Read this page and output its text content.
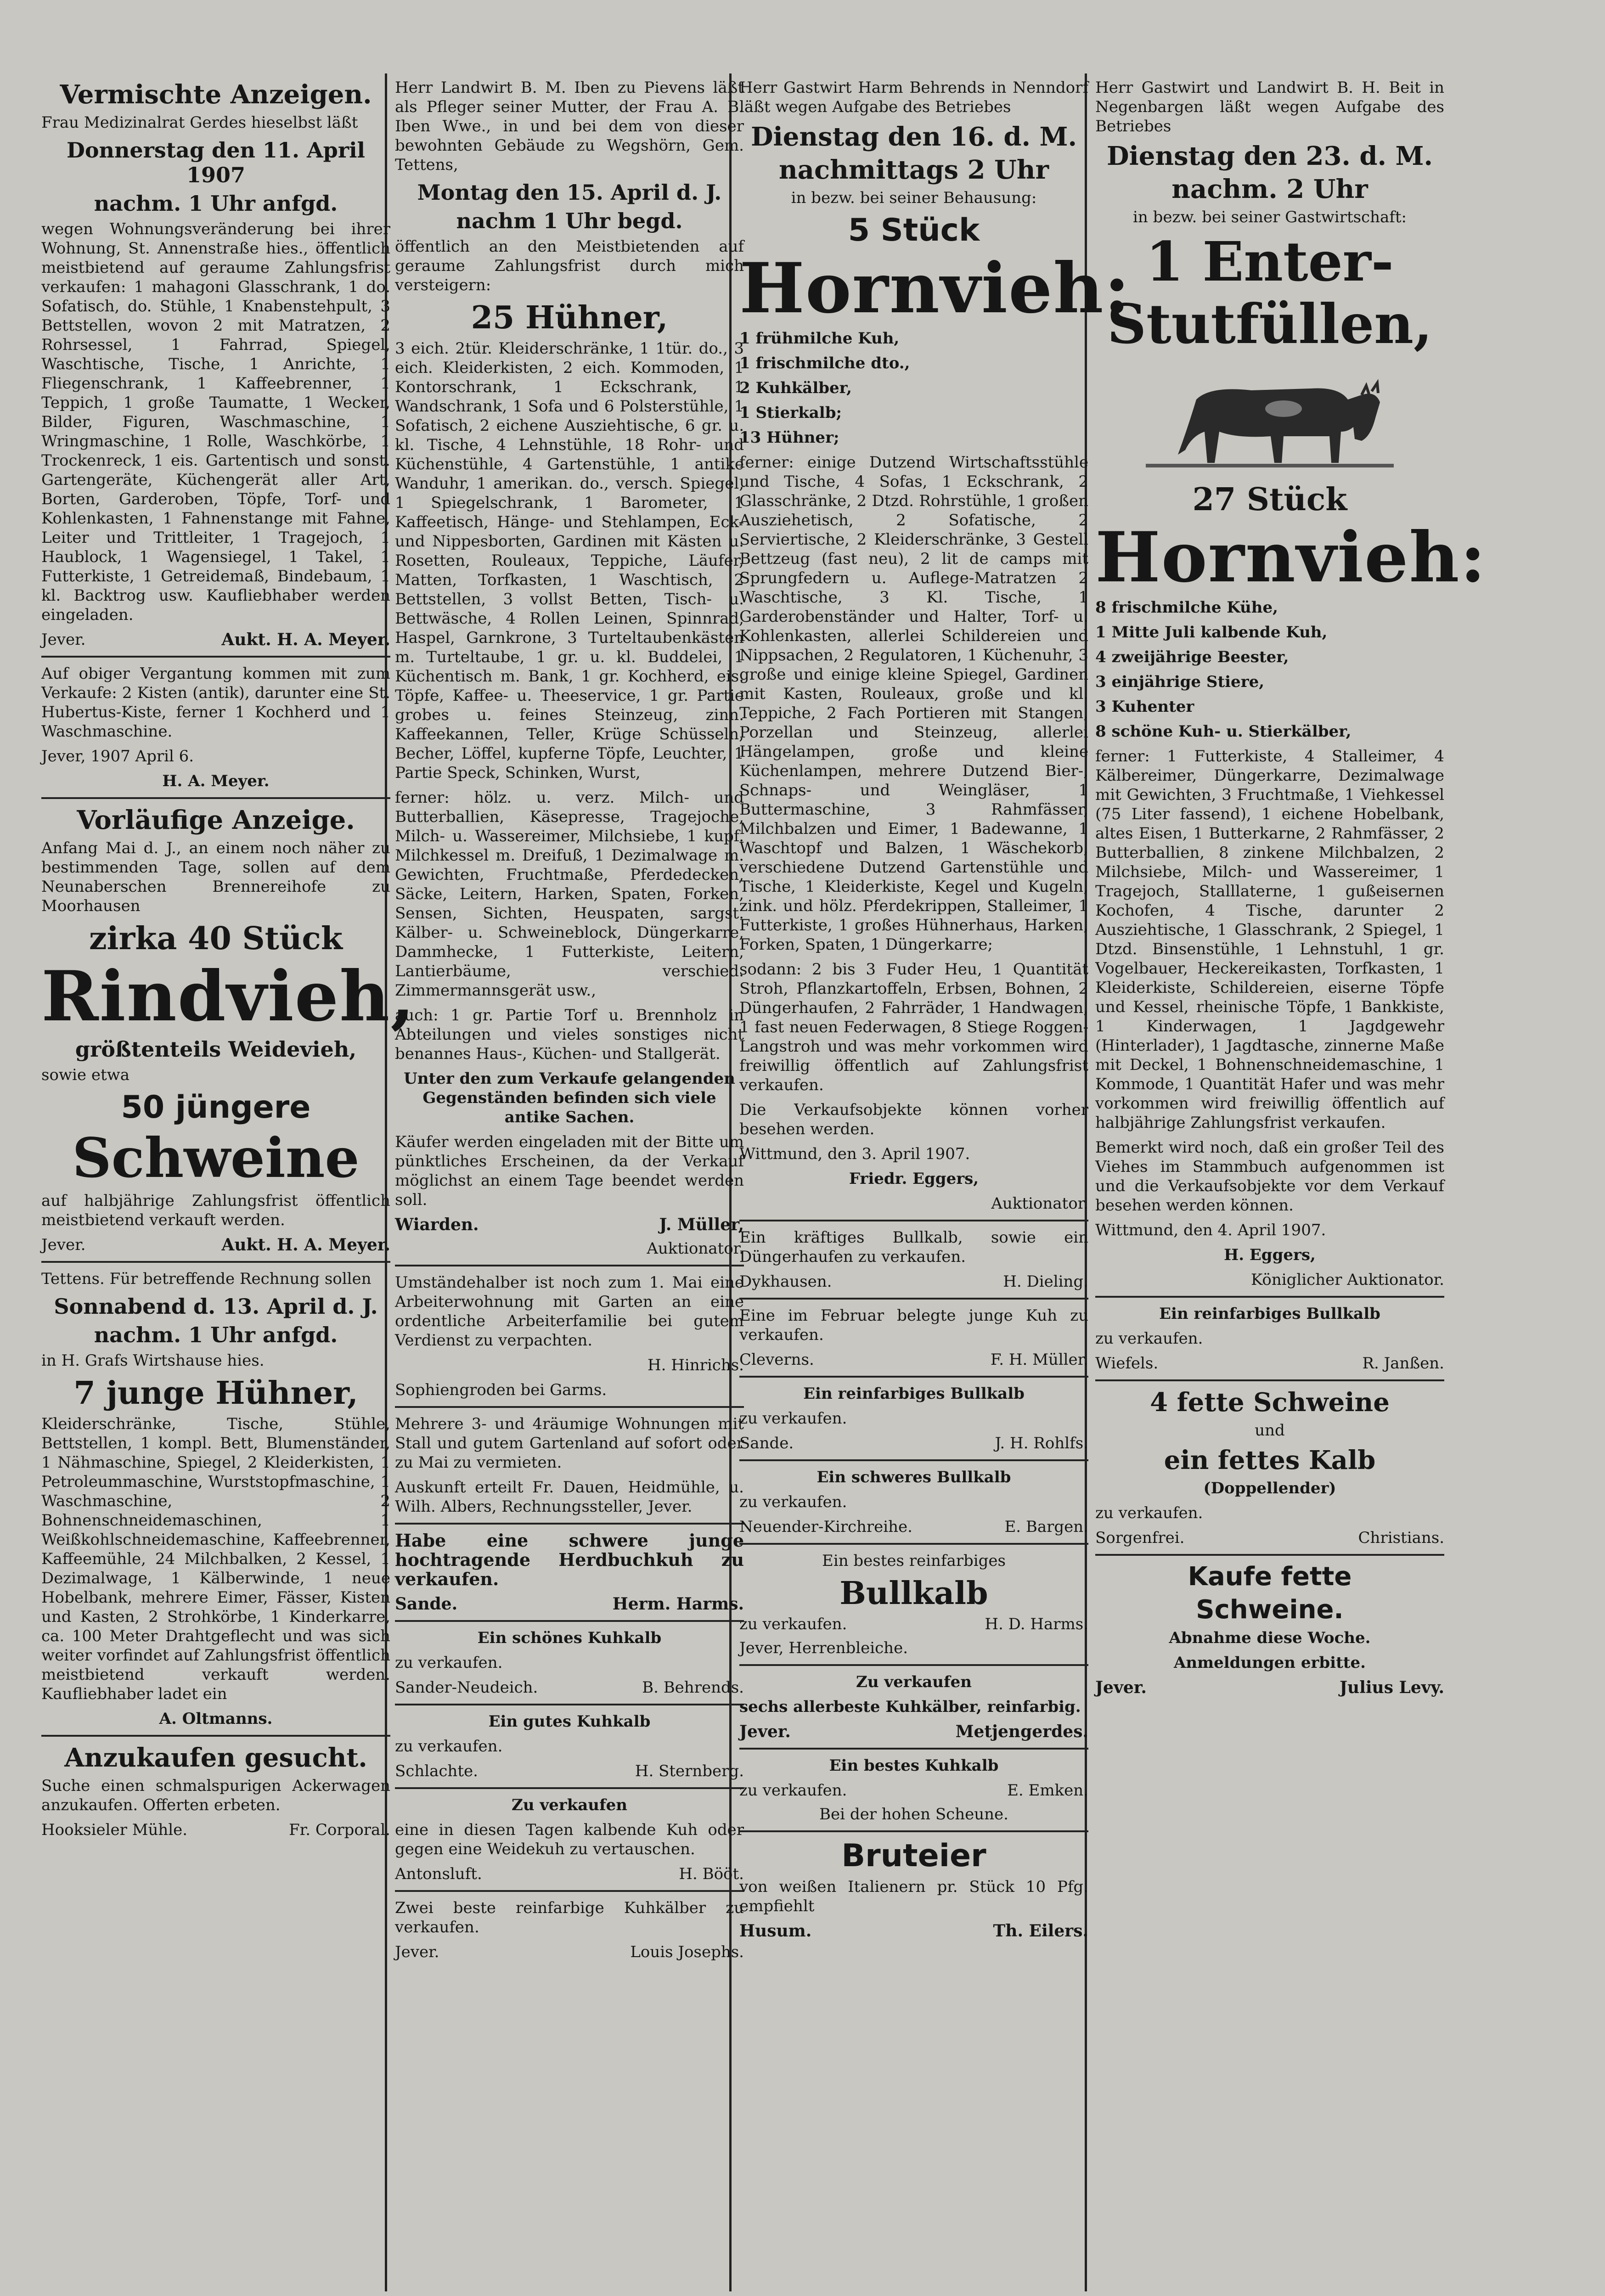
Vermischte Anzeigen.

Frau Medizinalrat Gerdes hieselbst läßt

Donnerstag den 11. April 1907
nachm. 1 Uhr anfgd.

wegen Wohnungsveränderung bei ihrer Wohnung, St. Annenstraße hies., öffentlich meistbietend auf geraume Zahlungsfrist verkaufen: 1 mahagoni Glasschrank, 1 do. Sofatisch, do. Stühle, 1 Knabenstehpult, 3 Bettstellen, wovon 2 mit Matratzen, 2 Rohrsessel, 1 Fahrrad, Spiegel, Waschtische, Tische, 1 Anrichte, 1 Fliegenschrank, 1 Kaffeebrenner, 1 Teppich, 1 große Taumatte, 1 Wecker, Bilder, Figuren, Waschmaschine, 1 Wringmaschine, 1 Rolle, Waschkörbe, 1 Trockenreck, 1 eis. Gartentisch und sonst. Gartengeräte, Küchengerät aller Art, Borten, Garderoben, Töpfe, Torf- und Kohlenkasten, 1 Fahnenstange mit Fahne, Leiter und Trittleiter, 1 Tragejoch, 1 Haublock, 1 Wagensiegel, 1 Takel, 1 Futterkiste, 1 Getreidemaß, Bindebaum, 1 kl. Backtrog usw. Kaufliebhaber werden eingeladen.

Jever.	Aukt. H. A. Meyer.

Auf obiger Vergantung kommen mit zum Verkaufe: 2 Kisten (antik), darunter eine St. Hubertus-Kiste, ferner 1 Kochherd und 1 Waschmaschine.

Jever, 1907 April 6.

H. A. Meyer.

Vorläufige Anzeige.

Anfang Mai d. J., an einem noch näher zu bestimmenden Tage, sollen auf dem Neunaberschen Brennereihofe zu Moorhausen

zirka 40 Stück
Rindvieh,
größtenteils Weidevieh,

sowie etwa

50 jüngere
Schweine

auf halbjährige Zahlungsfrist öffentlich meistbietend verkauft werden.

Jever.	Aukt. H. A. Meyer.

Tettens. Für betreffende Rechnung sollen

Sonnabend d. 13. April d. J.
nachm. 1 Uhr anfgd.

in H. Grafs Wirtshause hies.

7 junge Hühner,

Kleiderschränke, Tische, Stühle, Bettstellen, 1 kompl. Bett, Blumenständer, 1 Nähmaschine, Spiegel, 2 Kleiderkisten, 1 Petroleummaschine, Wurststopfmaschine, 1 Waschmaschine, 2 Bohnenschneidemaschinen, 1 Weißkohlschneidemaschine, Kaffeebrenner, Kaffeemühle, 24 Milchbalken, 2 Kessel, 1 Dezimalwage, 1 Kälberwinde, 1 neue Hobelbank, mehrere Eimer, Fässer, Kisten und Kasten, 2 Strohkörbe, 1 Kinderkarre, ca. 100 Meter Drahtgeflecht und was sich weiter vorfindet auf Zahlungsfrist öffentlich meistbietend verkauft werden. Kaufliebhaber ladet ein

A. Oltmanns.

Anzukaufen gesucht.

Suche einen schmalspurigen Ackerwagen anzukaufen. Offerten erbeten.

Hooksieler Mühle.	Fr. Corporal.

Herr Landwirt B. M. Iben zu Pievens läßt als Pfleger seiner Mutter, der Frau A. B. Iben Wwe., in und bei dem von dieser bewohnten Gebäude zu Wegshörn, Gem. Tettens,

Montag den 15. April d. J.
nachm 1 Uhr begd.

öffentlich an den Meistbietenden auf geraume Zahlungsfrist durch mich versteigern:

25 Hühner,

3 eich. 2tür. Kleiderschränke, 1 1tür. do., 3 eich. Kleiderkisten, 2 eich. Kommoden, 1 Kontorschrank, 1 Eckschrank, 1 Wandschrank, 1 Sofa und 6 Polsterstühle, 1 Sofatisch, 2 eichene Ausziehtische, 6 gr. u. kl. Tische, 4 Lehnstühle, 18 Rohr- und Küchenstühle, 4 Gartenstühle, 1 antike Wanduhr, 1 amerikan. do., versch. Spiegel, 1 Spiegelschrank, 1 Barometer, 1 Kaffeetisch, Hänge- und Stehlampen, Eck- und Nippesborten, Gardinen mit Kästen u. Rosetten, Rouleaux, Teppiche, Läufer, Matten, Torfkasten, 1 Waschtisch, 2 Bettstellen, 3 vollst Betten, Tisch- u. Bettwäsche, 4 Rollen Leinen, Spinnrad, Haspel, Garnkrone, 3 Turteltaubenkästen m. Turteltaube, 1 gr. u. kl. Buddelei, 1 Küchentisch m. Bank, 1 gr. Kochherd, eis. Töpfe, Kaffee- u. Theeservice, 1 gr. Partie grobes u. feines Steinzeug, zinn. Kaffeekannen, Teller, Krüge Schüsseln, Becher, Löffel, kupferne Töpfe, Leuchter, 1 Partie Speck, Schinken, Wurst,

ferner: hölz. u. verz. Milch- und Butterballien, Käsepresse, Tragejoche, Milch- u. Wassereimer, Milchsiebe, 1 kupf. Milchkessel m. Dreifuß, 1 Dezimalwage m. Gewichten, Fruchtmaße, Pferdedecken, Säcke, Leitern, Harken, Spaten, Forken, Sensen, Sichten, Heuspaten, sargst. Kälber- u. Schweineblock, Düngerkarre, Dammhecke, 1 Futterkiste, Leitern, Lantierbäume, verschied. Zimmermannsgerät usw.,

auch: 1 gr. Partie Torf u. Brennholz in Abteilungen und vieles sonstiges nicht benannes Haus-, Küchen- und Stallgerät.

Unter den zum Verkaufe gelangenden Gegenständen befinden sich viele antike Sachen.

Käufer werden eingeladen mit der Bitte um pünktliches Erscheinen, da der Verkauf möglichst an einem Tage beendet werden soll.

Wiarden.	J. Müller,

Auktionator.

Umständehalber ist noch zum 1. Mai eine Arbeiterwohnung mit Garten an eine ordentliche Arbeiterfamilie bei gutem Verdienst zu verpachten.

H. Hinrichs.

Sophiengroden bei Garms.

Mehrere 3- und 4räumige Wohnungen mit Stall und gutem Gartenland auf sofort oder zu Mai zu vermieten.

Auskunft erteilt Fr. Dauen, Heidmühle, u. Wilh. Albers, Rechnungssteller, Jever.

Habe eine schwere junge hochtragende Herdbuchkuh zu verkaufen.

Sande.	Herm. Harms.

Ein schönes Kuhkalb

zu verkaufen.

Sander-Neudeich.	B. Behrends.

Ein gutes Kuhkalb

zu verkaufen.

Schlachte.	H. Sternberg.

Zu verkaufen

eine in diesen Tagen kalbende Kuh oder gegen eine Weidekuh zu vertauschen.

Antonsluft.	H. Bööt.

Zwei beste reinfarbige Kuhkälber zu verkaufen.

Jever.	Louis Josephs.

Herr Gastwirt Harm Behrends in Nenndorf läßt wegen Aufgabe des Betriebes

Dienstag den 16. d. M.
nachmittags 2 Uhr

in bezw. bei seiner Behausung:

5 Stück
Hornvieh:

1 frühmilche Kuh,

1 frischmilche dto.,

2 Kuhkälber,

1 Stierkalb;

13 Hühner;

ferner: einige Dutzend Wirtschaftsstühle und Tische, 4 Sofas, 1 Eckschrank, 2 Glasschränke, 2 Dtzd. Rohrstühle, 1 großen Ausziehetisch, 2 Sofatische, 2 Serviertische, 2 Kleiderschränke, 3 Gestell Bettzeug (fast neu), 2 lit de camps mit Sprungfedern u. Auflege-Matratzen 2 Waschtische, 3 Kl. Tische, 1 Garderobenständer und Halter, Torf- u. Kohlenkasten, allerlei Schildereien und Nippsachen, 2 Regulatoren, 1 Küchenuhr, 3 große und einige kleine Spiegel, Gardinen mit Kasten, Rouleaux, große und kl. Teppiche, 2 Fach Portieren mit Stangen, Porzellan und Steinzeug, allerlei Hängelampen, große und kleine Küchenlampen, mehrere Dutzend Bier-, Schnaps- und Weingläser, 1 Buttermaschine, 3 Rahmfässer, Milchbalzen und Eimer, 1 Badewanne, 1 Waschtopf und Balzen, 1 Wäschekorb, verschiedene Dutzend Gartenstühle und Tische, 1 Kleiderkiste, Kegel und Kugeln, zink. und hölz. Pferdekrippen, Stalleimer, 1 Futterkiste, 1 großes Hühnerhaus, Harken, Forken, Spaten, 1 Düngerkarre;

sodann: 2 bis 3 Fuder Heu, 1 Quantität Stroh, Pflanzkartoffeln, Erbsen, Bohnen, 2 Düngerhaufen, 2 Fahrräder, 1 Handwagen, 1 fast neuen Federwagen, 8 Stiege Roggen-Langstroh und was mehr vorkommen wird freiwillig öffentlich auf Zahlungsfrist verkaufen.

Die Verkaufsobjekte können vorher besehen werden.

Wittmund, den 3. April 1907.

Friedr. Eggers,

Auktionator.

Ein kräftiges Bullkalb, sowie ein Düngerhaufen zu verkaufen.

Dykhausen.	H. Dieling.

Eine im Februar belegte junge Kuh zu verkaufen.

Cleverns.	F. H. Müller.

Ein reinfarbiges Bullkalb

zu verkaufen.

Sande.	J. H. Rohlfs.

Ein schweres Bullkalb

zu verkaufen.

Neuender-Kirchreihe.	E. Bargen.

Ein bestes reinfarbiges

Bullkalb
zu verkaufen.	H. D. Harms.

Jever, Herrenbleiche.

Zu verkaufen

sechs allerbeste Kuhkälber, reinfarbig.

Jever.	Metjengerdes.

Ein bestes Kuhkalb

zu verkaufen.	E. Emken.

Bei der hohen Scheune.

Bruteier

von weißen Italienern pr. Stück 10 Pfg. empfiehlt

Husum.	Th. Eilers.

Herr Gastwirt und Landwirt B. H. Beit in Negenbargen läßt wegen Aufgabe des Betriebes

Dienstag den 23. d. M.
nachm. 2 Uhr

in bezw. bei seiner Gastwirtschaft:

1 Enter-
Stutfüllen,
27 Stück
Hornvieh:

8 frischmilche Kühe,

1 Mitte Juli kalbende Kuh,

4 zweijährige Beester,

3 einjährige Stiere,

3 Kuhenter

8 schöne Kuh- u. Stierkälber,

ferner: 1 Futterkiste, 4 Stalleimer, 4 Kälbereimer, Düngerkarre, Dezimalwage mit Gewichten, 3 Fruchtmaße, 1 Viehkessel (75 Liter fassend), 1 eichene Hobelbank, altes Eisen, 1 Butterkarne, 2 Rahmfässer, 2 Butterballien, 8 zinkene Milchbalzen, 2 Milchsiebe, Milch- und Wassereimer, 1 Tragejoch, Stalllaterne, 1 gußeisernen Kochofen, 4 Tische, darunter 2 Ausziehtische, 1 Glasschrank, 2 Spiegel, 1 Dtzd. Binsenstühle, 1 Lehnstuhl, 1 gr. Vogelbauer, Heckereikasten, Torfkasten, 1 Kleiderkiste, Schildereien, eiserne Töpfe und Kessel, rheinische Töpfe, 1 Bankkiste, 1 Kinderwagen, 1 Jagdgewehr (Hinterlader), 1 Jagdtasche, zinnerne Maße mit Deckel, 1 Bohnenschneidemaschine, 1 Kommode, 1 Quantität Hafer und was mehr vorkommen wird freiwillig öffentlich auf halbjährige Zahlungsfrist verkaufen.

Bemerkt wird noch, daß ein großer Teil des Viehes im Stammbuch aufgenommen ist und die Verkaufsobjekte vor dem Verkauf besehen werden können.

Wittmund, den 4. April 1907.

H. Eggers,

Königlicher Auktionator.

Ein reinfarbiges Bullkalb

zu verkaufen.

Wiefels.	R. Janßen.
4 fette Schweine

und

ein fettes Kalb

(Doppellender)

zu verkaufen.

Sorgenfrei.	Christians.
Kaufe fette
Schweine.

Abnahme diese Woche.

Anmeldungen erbitte.

Jever.	Julius Levy.
